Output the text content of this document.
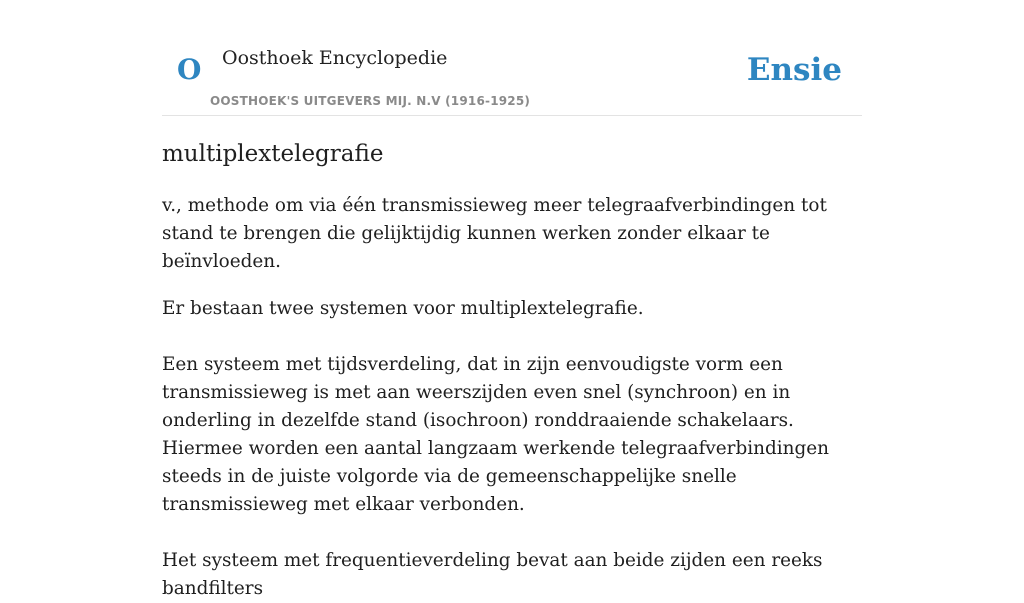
O Oosthoek Encyclopedie
OOSTHOEK'S UITGEVERS MIJ. N.V (1916-1925)
Ensie
multiplextelegrafie

v., methode om via één transmissieweg meer telegraafverbindingen tot stand te brengen die gelijktijdig kunnen werken zonder elkaar te beïnvloeden.

Er bestaan twee systemen voor multiplextelegrafie.

Een systeem met tijdsverdeling, dat in zijn eenvoudigste vorm een transmissieweg is met aan weerszijden even snel (synchroon) en in onderling in dezelfde stand (isochroon) ronddraaiende schakelaars. Hiermee worden een aantal langzaam werkende telegraafverbindingen steeds in de juiste volgorde via de gemeenschappelijke snelle transmissieweg met elkaar verbonden.

Het systeem met frequentieverdeling bevat aan beide zijden een reeks bandfilters
